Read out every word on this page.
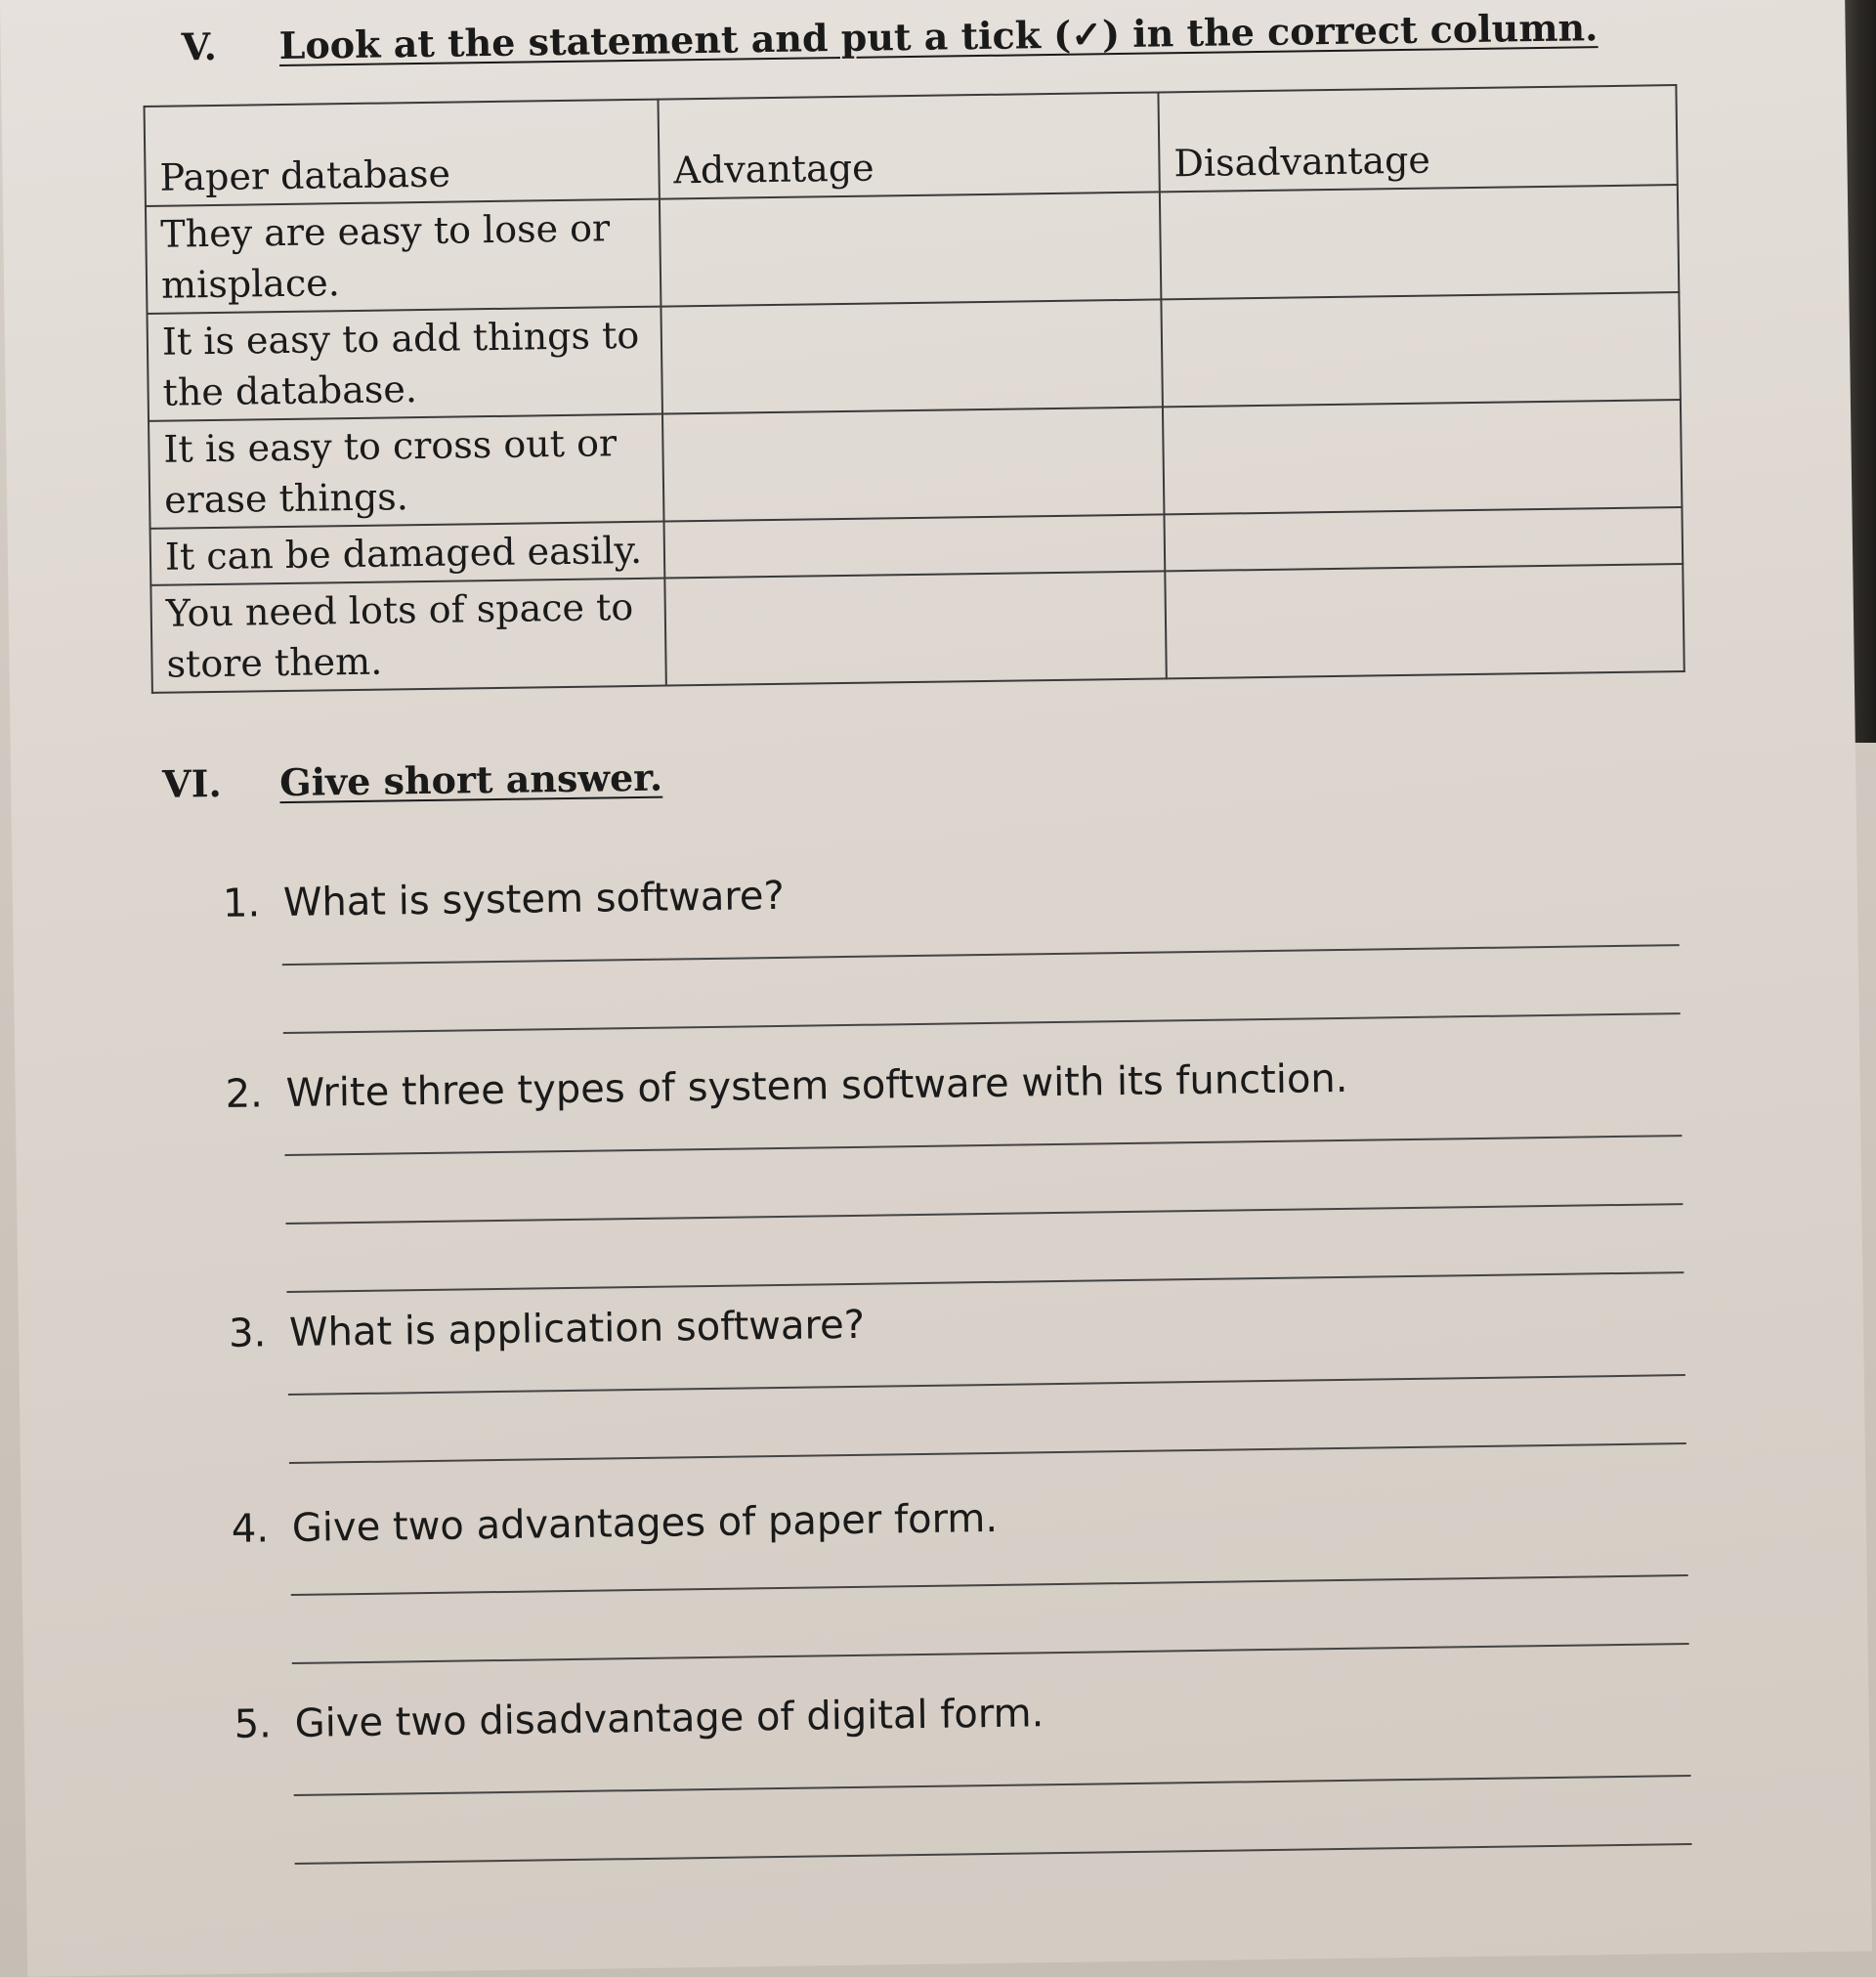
V. Look at the statement and put a tick (✓) in the correct column.
Paper database	Advantage	Disadvantage
They are easy to lose or misplace.		
It is easy to add things to the database.		
It is easy to cross out or erase things.		
It can be damaged easily.		
You need lots of space to store them.		
VI. Give short answer.
1. What is system software?
2. Write three types of system software with its function.
3. What is application software?
4. Give two advantages of paper form.
5. Give two disadvantage of digital form.
